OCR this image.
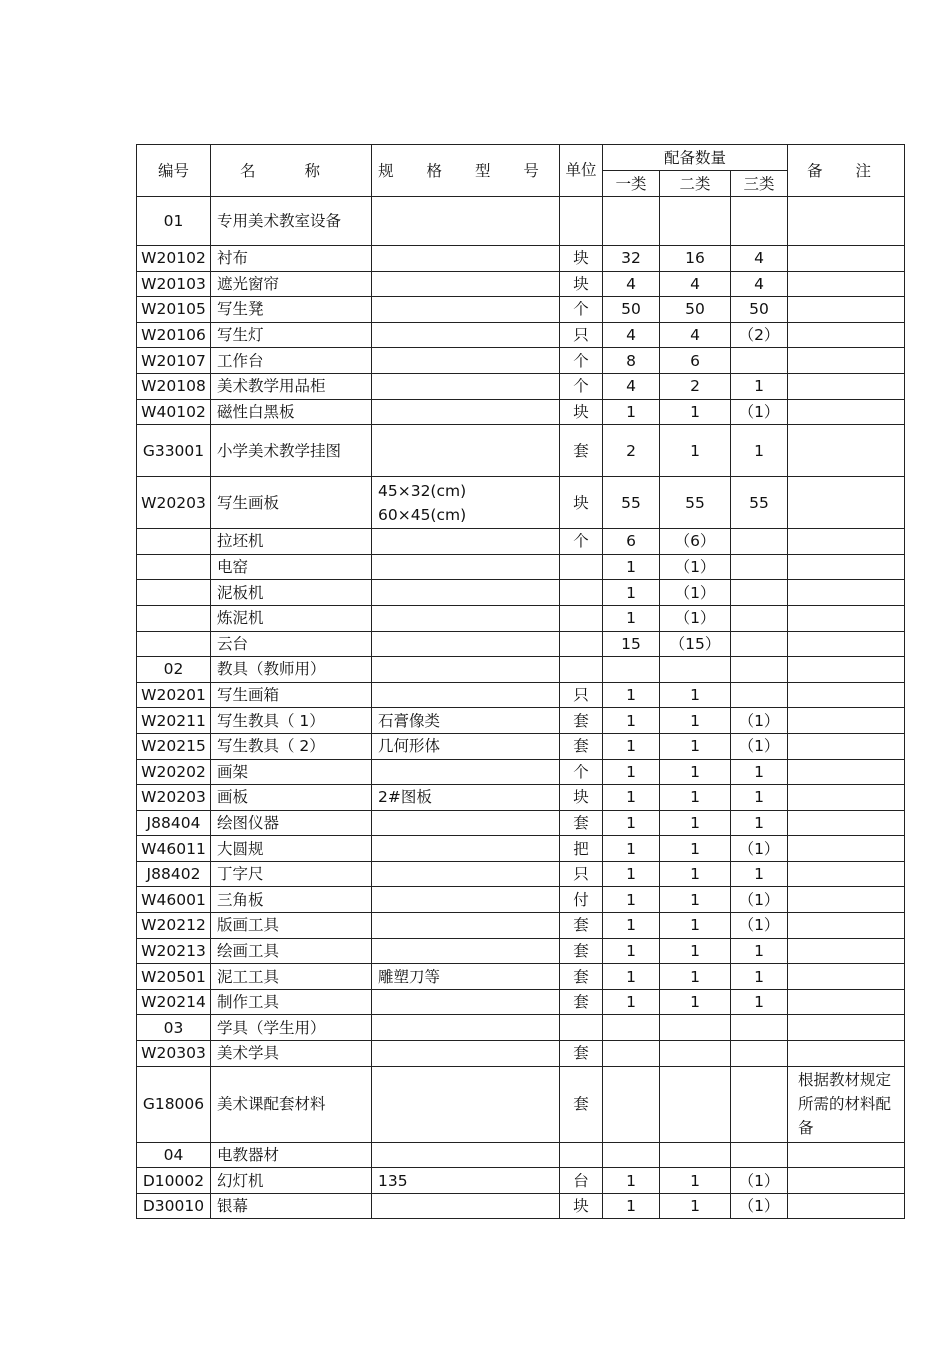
编号	名 称	规 格 型 号	单位	配备数量			备 注
				一类	二类	三类	
01	专用美术教室设备						
W20102	衬布		块	32	16	4	
W20103	遮光窗帘		块	4	4	4	
W20105	写生凳		个	50	50	50	
W20106	写生灯		只	4	4	（2）	
W20107	工作台		个	8	6		
W20108	美术教学用品柜		个	4	2	1	
W40102	磁性白黑板		块	1	1	（1）	
G33001	小学美术教学挂图		套	2	1	1	
W20203	写生画板	45×32(cm) 60×45(cm)	块	55	55	55	
	拉坯机		个	6	（6）		
	电窑			1	（1）		
	泥板机			1	（1）		
	炼泥机			1	（1）		
	云台			15	（15）		
02	教具（教师用）						
W20201	写生画箱		只	1	1		
W20211	写生教具（ 1）	石膏像类	套	1	1	（1）	
W20215	写生教具（ 2）	几何形体	套	1	1	（1）	
W20202	画架		个	1	1	1	
W20203	画板	2#图板	块	1	1	1	
J88404	绘图仪器		套	1	1	1	
W46011	大圆规		把	1	1	（1）	
J88402	丁字尺		只	1	1	1	
W46001	三角板		付	1	1	（1）	
W20212	版画工具		套	1	1	（1）	
W20213	绘画工具		套	1	1	1	
W20501	泥工工具	雕塑刀等	套	1	1	1	
W20214	制作工具		套	1	1	1	
03	学具（学生用）						
W20303	美术学具		套				
G18006	美术课配套材料		套				根据教材规定所需的材料配备
04	电教器材						
D10002	幻灯机	135	台	1	1	（1）	
D30010	银幕		块	1	1	（1）	
